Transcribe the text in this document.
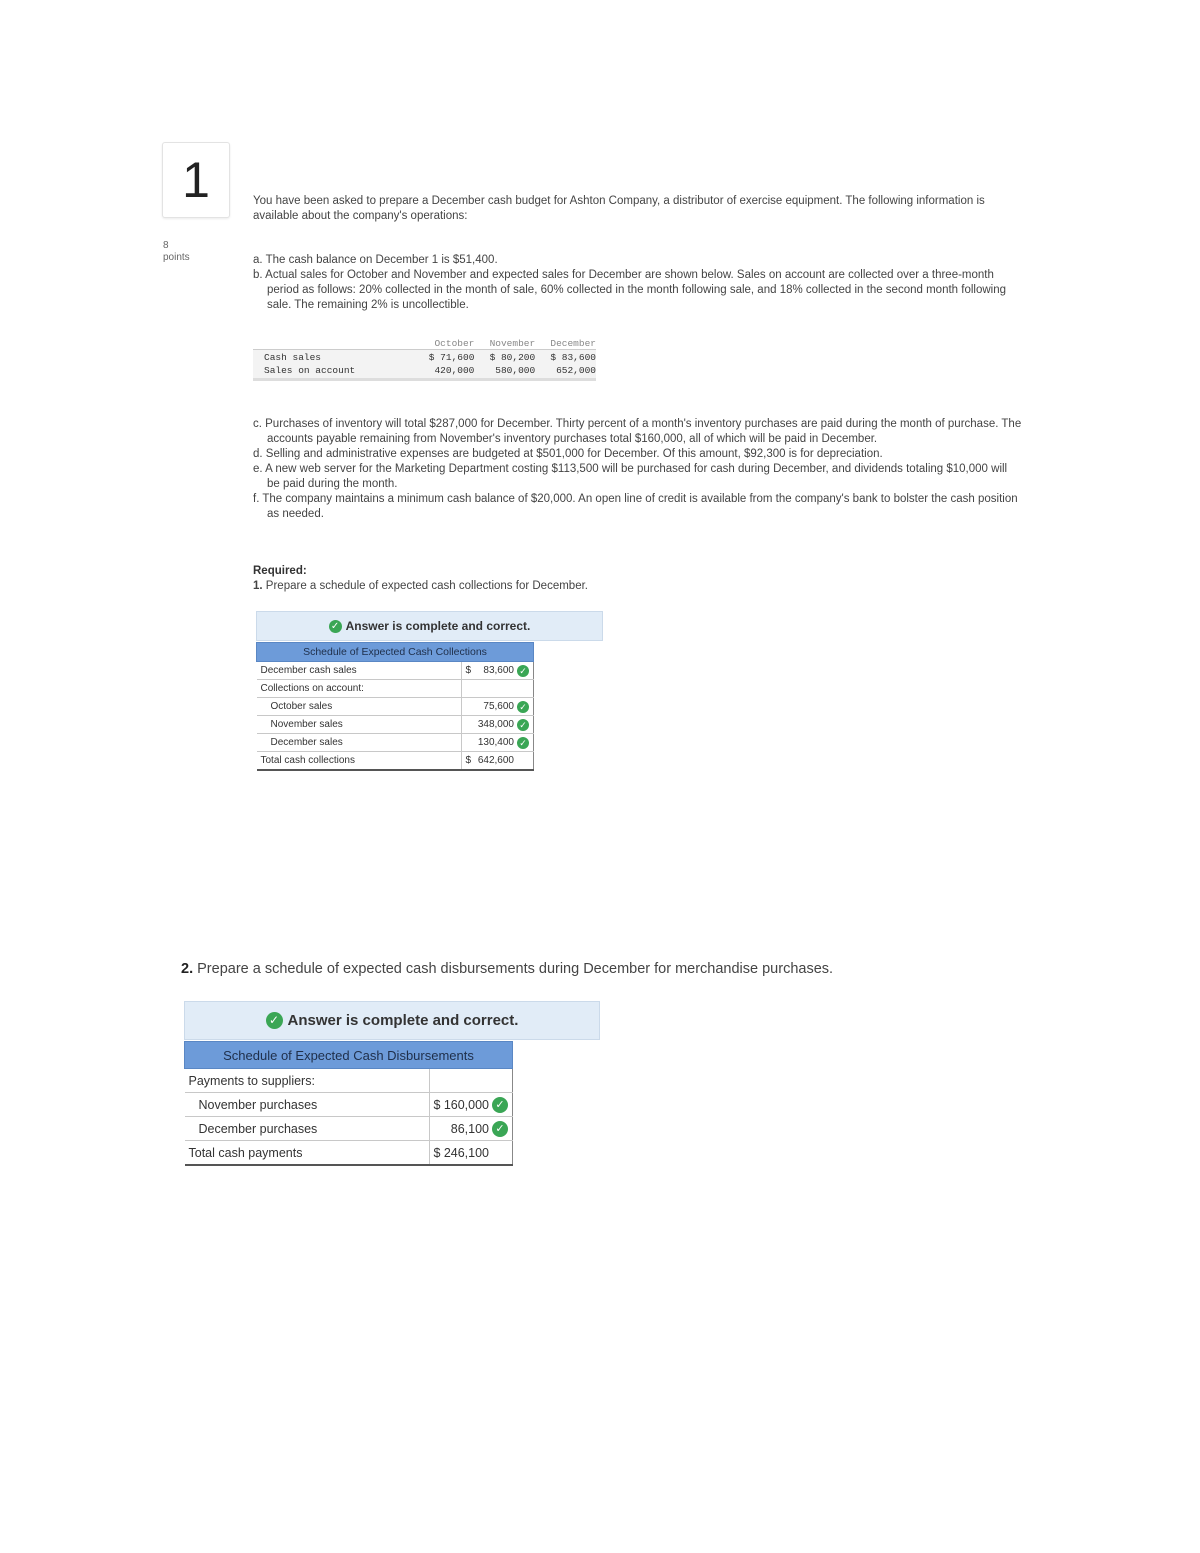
1
8
points
You have been asked to prepare a December cash budget for Ashton Company, a distributor of exercise equipment. The following information is available about the company's operations:
a. The cash balance on December 1 is $51,400.
b. Actual sales for October and November and expected sales for December are shown below. Sales on account are collected over a three-month period as follows: 20% collected in the month of sale, 60% collected in the month following sale, and 18% collected in the second month following sale. The remaining 2% is uncollectible.
October	November	December
Cash sales	$ 71,600	$ 80,200	$ 83,600
Sales on account	420,000	580,000	652,000
c. Purchases of inventory will total $287,000 for December. Thirty percent of a month's inventory purchases are paid during the month of purchase. The accounts payable remaining from November's inventory purchases total $160,000, all of which will be paid in December.
d. Selling and administrative expenses are budgeted at $501,000 for December. Of this amount, $92,300 is for depreciation.
e. A new web server for the Marketing Department costing $113,500 will be purchased for cash during December, and dividends totaling $10,000 will be paid during the month.
f. The company maintains a minimum cash balance of $20,000. An open line of credit is available from the company's bank to bolster the cash position as needed.
Required:
1. Prepare a schedule of expected cash collections for December.
✓ Answer is complete and correct.
Schedule of Expected Cash Collections	
December cash sales	$ 83,600 ✓

Collections on account:	
October sales	75,600 ✓

November sales	348,000 ✓

December sales	130,400 ✓

Total cash collections	$ 642,600
2. Prepare a schedule of expected cash disbursements during December for merchandise purchases.
✓ Answer is complete and correct.
Schedule of Expected Cash Disbursements	
Payments to suppliers:	
November purchases	$ 160,000 ✓

December purchases	86,100 ✓

Total cash payments	$ 246,100
